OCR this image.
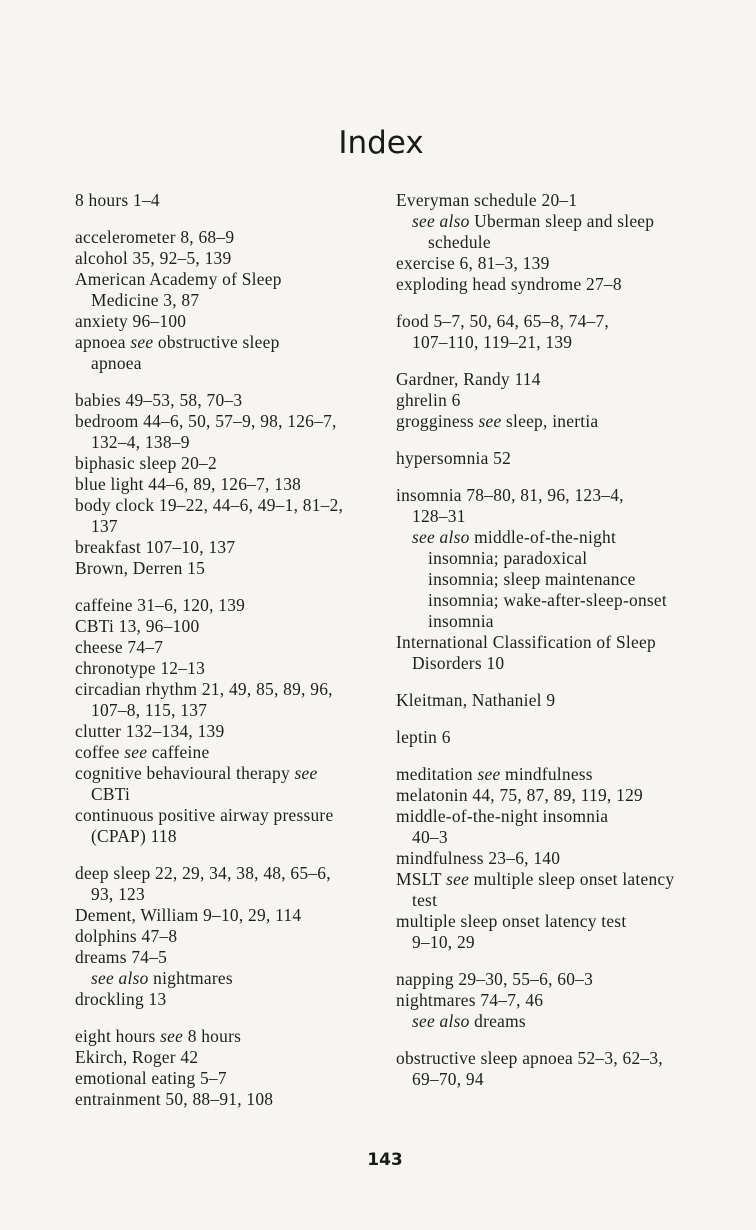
Index
8 hours 1–4
accelerometer 8, 68–9
alcohol 35, 92–5, 139
American Academy of Sleep
Medicine 3, 87
anxiety 96–100
apnoea see obstructive sleep
apnoea
babies 49–53, 58, 70–3
bedroom 44–6, 50, 57–9, 98, 126–7,
132–4, 138–9
biphasic sleep 20–2
blue light 44–6, 89, 126–7, 138
body clock 19–22, 44–6, 49–1, 81–2,
137
breakfast 107–10, 137
Brown, Derren 15
caffeine 31–6, 120, 139
CBTi 13, 96–100
cheese 74–7
chronotype 12–13
circadian rhythm 21, 49, 85, 89, 96,
107–8, 115, 137
clutter 132–134, 139
coffee see caffeine
cognitive behavioural therapy see
CBTi
continuous positive airway pressure
(CPAP) 118
deep sleep 22, 29, 34, 38, 48, 65–6,
93, 123
Dement, William 9–10, 29, 114
dolphins 47–8
dreams 74–5
see also nightmares
drockling 13
eight hours see 8 hours
Ekirch, Roger 42
emotional eating 5–7
entrainment 50, 88–91, 108
Everyman schedule 20–1
see also Uberman sleep and sleep
schedule
exercise 6, 81–3, 139
exploding head syndrome 27–8
food 5–7, 50, 64, 65–8, 74–7,
107–110, 119–21, 139
Gardner, Randy 114
ghrelin 6
grogginess see sleep, inertia
hypersomnia 52
insomnia 78–80, 81, 96, 123–4,
128–31
see also middle-of-the-night
insomnia; paradoxical
insomnia; sleep maintenance
insomnia; wake-after-sleep-onset
insomnia
International Classification of Sleep
Disorders 10
Kleitman, Nathaniel 9
leptin 6
meditation see mindfulness
melatonin 44, 75, 87, 89, 119, 129
middle-of-the-night insomnia
40–3
mindfulness 23–6, 140
MSLT see multiple sleep onset latency
test
multiple sleep onset latency test
9–10, 29
napping 29–30, 55–6, 60–3
nightmares 74–7, 46
see also dreams
obstructive sleep apnoea 52–3, 62–3,
69–70, 94
143
